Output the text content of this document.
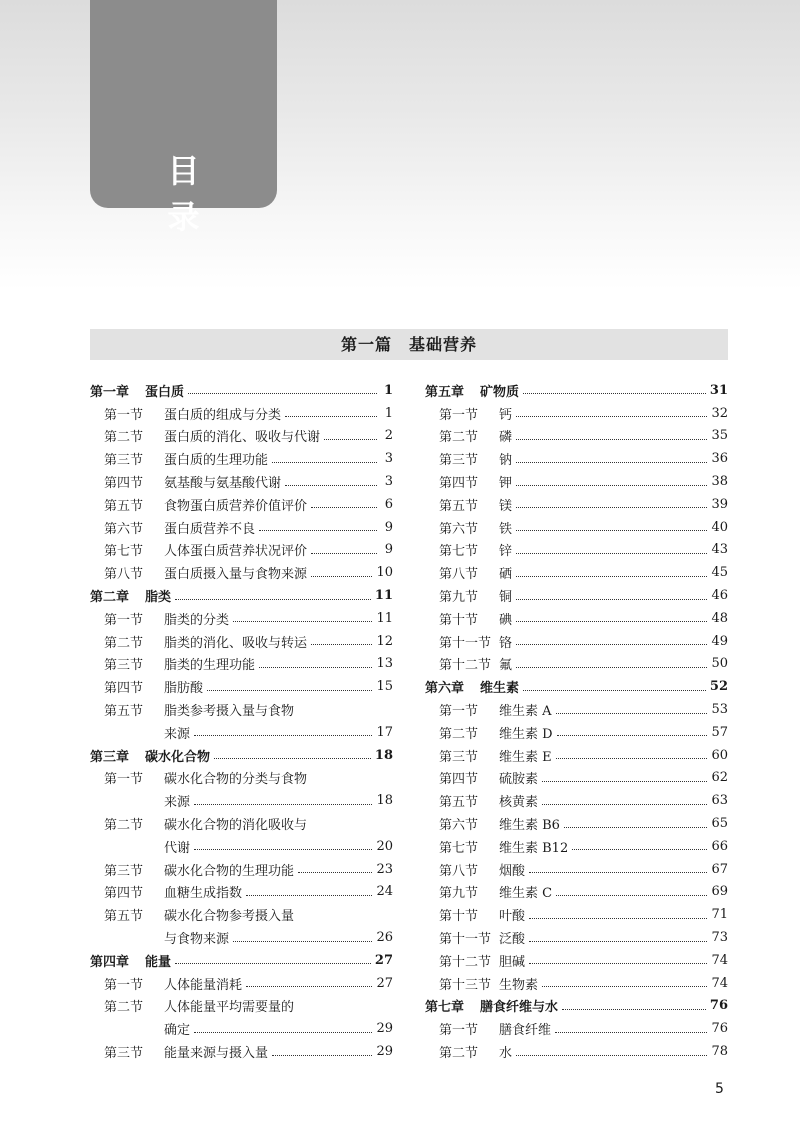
目 录
第一篇　基础营养
第一章 蛋白质	1
第一节	蛋白质的组成与分类	1
第二节	蛋白质的消化、吸收与代谢	2
第三节	蛋白质的生理功能	3
第四节	氨基酸与氨基酸代谢	3
第五节	食物蛋白质营养价值评价	6
第六节	蛋白质营养不良	9
第七节	人体蛋白质营养状况评价	9
第八节	蛋白质摄入量与食物来源	10
第二章 脂类	11
第一节	脂类的分类	11
第二节	脂类的消化、吸收与转运	12
第三节	脂类的生理功能	13
第四节	脂肪酸	15
第五节	脂类参考摄入量与食物
来源	17
第三章 碳水化合物	18
第一节	碳水化合物的分类与食物
来源	18
第二节	碳水化合物的消化吸收与
代谢	20
第三节	碳水化合物的生理功能	23
第四节	血糖生成指数	24
第五节	碳水化合物参考摄入量
与食物来源	26
第四章 能量	27
第一节	人体能量消耗	27
第二节	人体能量平均需要量的
确定	29
第三节	能量来源与摄入量	29
第五章 矿物质	31
第一节	钙	32
第二节	磷	35
第三节	钠	36
第四节	钾	38
第五节	镁	39
第六节	铁	40
第七节	锌	43
第八节	硒	45
第九节	铜	46
第十节	碘	48
第十一节 铬	49
第十二节 氟	50
第六章 维生素	52
第一节	维生素 A	53
第二节	维生素 D	57
第三节	维生素 E	60
第四节	硫胺素	62
第五节	核黄素	63
第六节	维生素 B6	65
第七节	维生素 B12	66
第八节	烟酸	67
第九节	维生素 C	69
第十节	叶酸	71
第十一节 泛酸	73
第十二节 胆碱	74
第十三节 生物素	74
第七章 膳食纤维与水	76
第一节	膳食纤维	76
第二节	水	78
5
